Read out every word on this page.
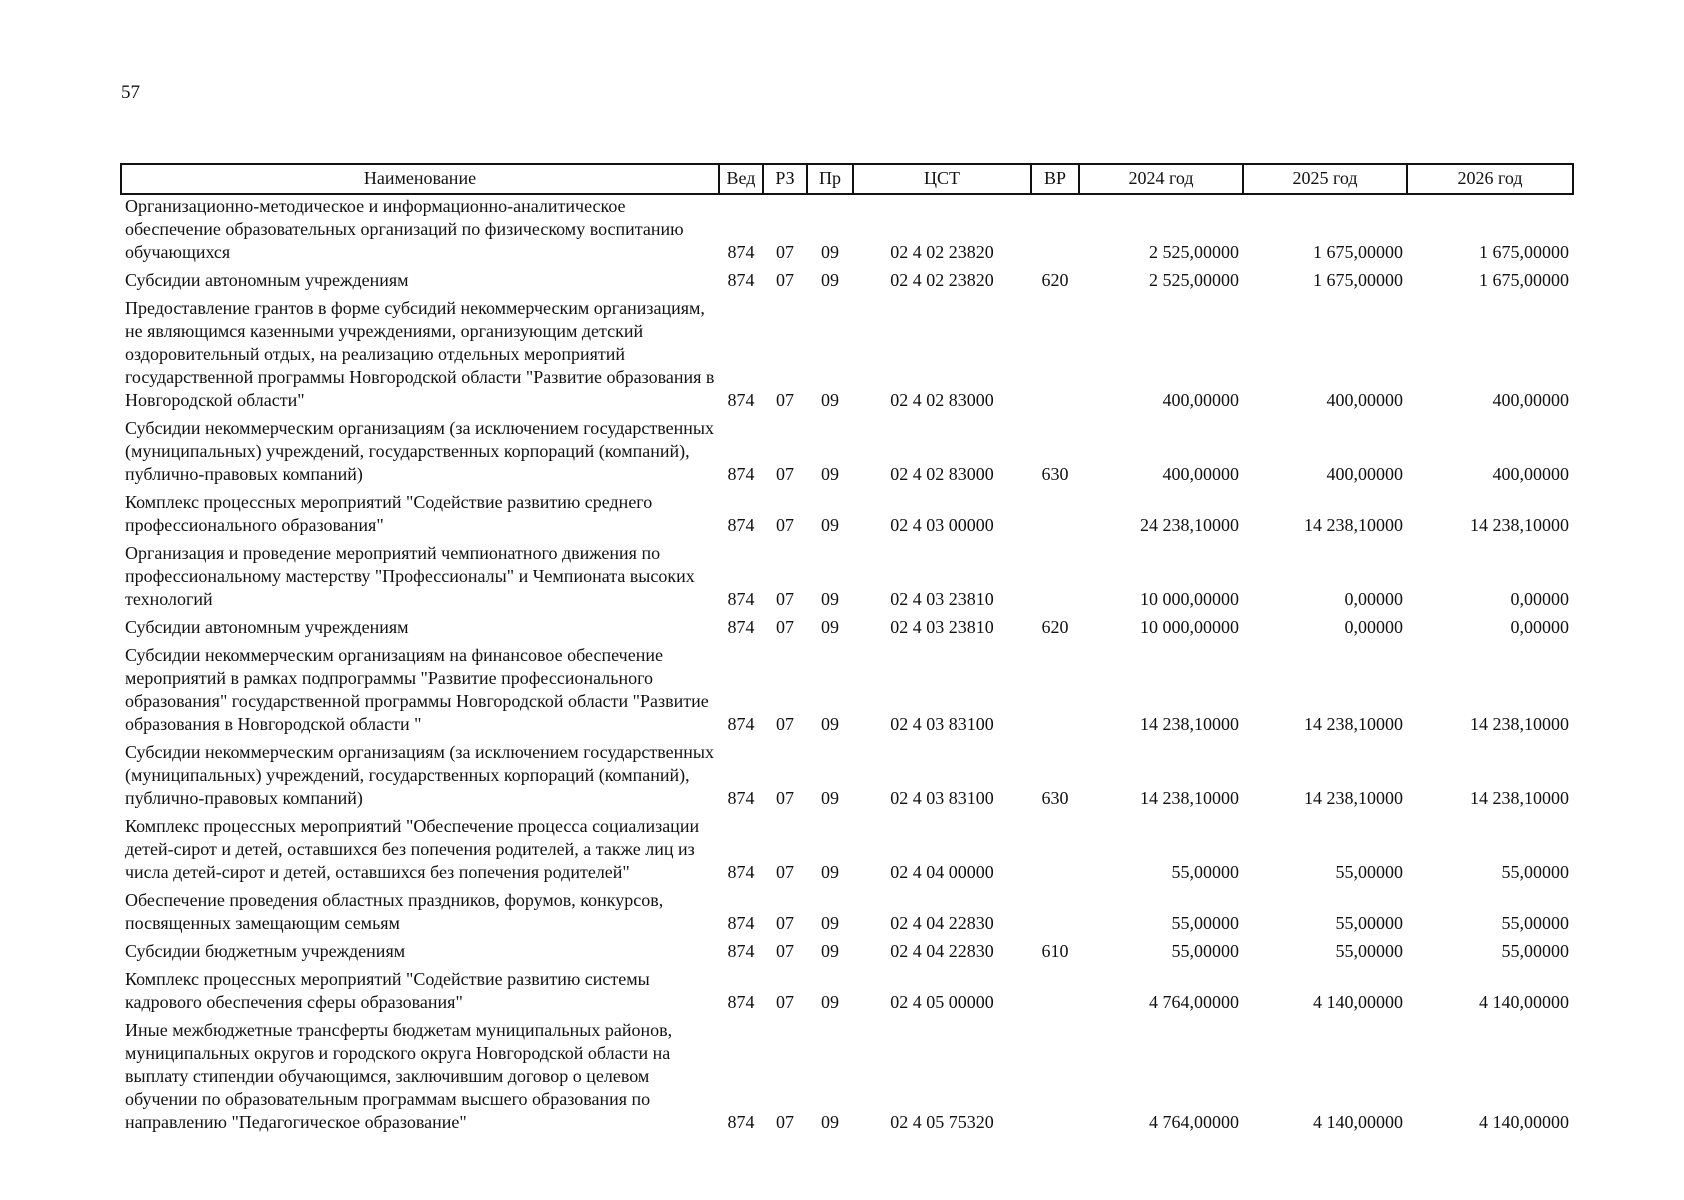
57
Наименование	Вед	РЗ	Пр	ЦСТ	ВР	2024 год	2025 год	2026 год
Организационно-методическое и информационно-аналитическое обеспечение образовательных организаций по физическому воспитанию обучающихся	874	07	09	02 4 02 23820		2 525,00000	1 675,00000	1 675,00000
Субсидии автономным учреждениям	874	07	09	02 4 02 23820	620	2 525,00000	1 675,00000	1 675,00000
Предоставление грантов в форме субсидий некоммерческим организациям, не являющимся казенными учреждениями, организующим детский оздоровительный отдых, на реализацию отдельных мероприятий государственной программы Новгородской области "Развитие образования в Новгородской области"	874	07	09	02 4 02 83000		400,00000	400,00000	400,00000
Субсидии некоммерческим организациям (за исключением государственных (муниципальных) учреждений, государственных корпораций (компаний), публично-правовых компаний)	874	07	09	02 4 02 83000	630	400,00000	400,00000	400,00000
Комплекс процессных мероприятий "Содействие развитию среднего профессионального образования"	874	07	09	02 4 03 00000		24 238,10000	14 238,10000	14 238,10000
Организация и проведение мероприятий чемпионатного движения по профессиональному мастерству "Профессионалы" и Чемпионата высоких технологий	874	07	09	02 4 03 23810		10 000,00000	0,00000	0,00000
Субсидии автономным учреждениям	874	07	09	02 4 03 23810	620	10 000,00000	0,00000	0,00000
Субсидии некоммерческим организациям на финансовое обеспечение мероприятий в рамках подпрограммы "Развитие профессионального образования" государственной программы Новгородской области "Развитие образования в Новгородской области "	874	07	09	02 4 03 83100		14 238,10000	14 238,10000	14 238,10000
Субсидии некоммерческим организациям (за исключением государственных (муниципальных) учреждений, государственных корпораций (компаний), публично-правовых компаний)	874	07	09	02 4 03 83100	630	14 238,10000	14 238,10000	14 238,10000
Комплекс процессных мероприятий "Обеспечение процесса социализации детей-сирот и детей, оставшихся без попечения родителей, а также лиц из числа детей-сирот и детей, оставшихся без попечения родителей"	874	07	09	02 4 04 00000		55,00000	55,00000	55,00000
Обеспечение проведения областных праздников, форумов, конкурсов, посвященных замещающим семьям	874	07	09	02 4 04 22830		55,00000	55,00000	55,00000
Субсидии бюджетным учреждениям	874	07	09	02 4 04 22830	610	55,00000	55,00000	55,00000
Комплекс процессных мероприятий "Содействие развитию системы кадрового обеспечения сферы образования"	874	07	09	02 4 05 00000		4 764,00000	4 140,00000	4 140,00000
Иные межбюджетные трансферты бюджетам муниципальных районов, муниципальных округов и городского округа Новгородской области на выплату стипендии обучающимся, заключившим договор о целевом обучении по образовательным программам высшего образования по направлению "Педагогическое образование"	874	07	09	02 4 05 75320		4 764,00000	4 140,00000	4 140,00000
